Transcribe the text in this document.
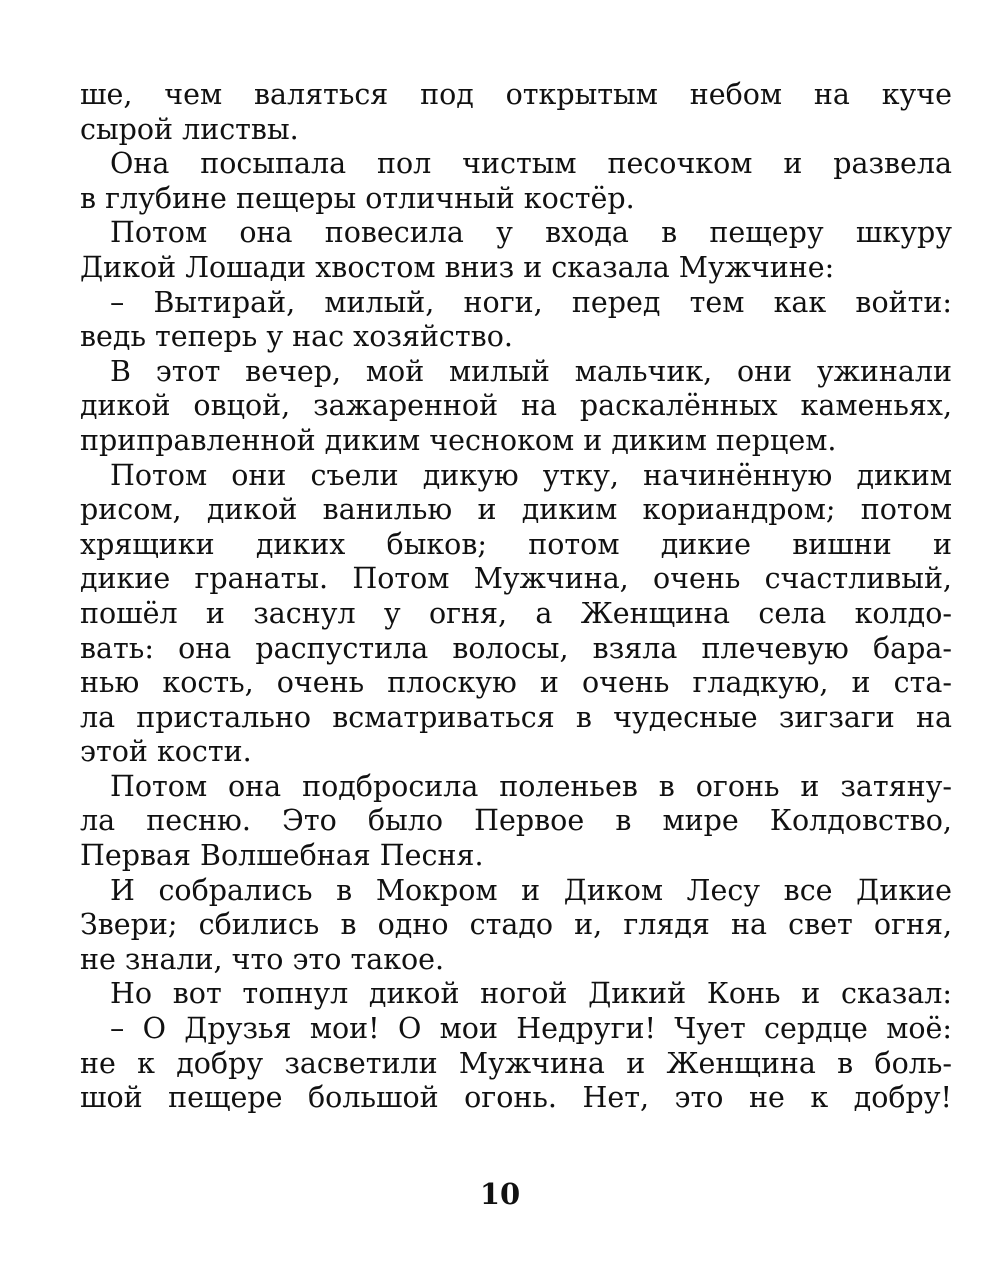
ше, чем валяться под открытым небом на куче
сырой листвы.
Она посыпала пол чистым песочком и развела
в глубине пещеры отличный костёр.
Потом она повесила у входа в пещеру шкуру
Дикой Лошади хвостом вниз и сказала Мужчине:
– Вытирай, милый, ноги, перед тем как войти:
ведь теперь у нас хозяйство.
В этот вечер, мой милый мальчик, они ужинали
дикой овцой, зажаренной на раскалённых каменьях,
приправленной диким чесноком и диким перцем.
Потом они съели дикую утку, начинённую диким
рисом, дикой ванилью и диким кориандром; потом
хрящики диких быков; потом дикие вишни и
дикие гранаты. Потом Мужчина, очень счастливый,
пошёл и заснул у огня, а Женщина села колдо-
вать: она распустила волосы, взяла плечевую бара-
нью кость, очень плоскую и очень гладкую, и ста-
ла пристально всматриваться в чудесные зигзаги на
этой кости.
Потом она подбросила поленьев в огонь и затяну-
ла песню. Это было Первое в мире Колдовство,
Первая Волшебная Песня.
И собрались в Мокром и Диком Лесу все Дикие
Звери; сбились в одно стадо и, глядя на свет огня,
не знали, что это такое.
Но вот топнул дикой ногой Дикий Конь и сказал:
– О Друзья мои! О мои Недруги! Чует сердце моё:
не к добру засветили Мужчина и Женщина в боль-
шой пещере большой огонь. Нет, это не к добру!
10
